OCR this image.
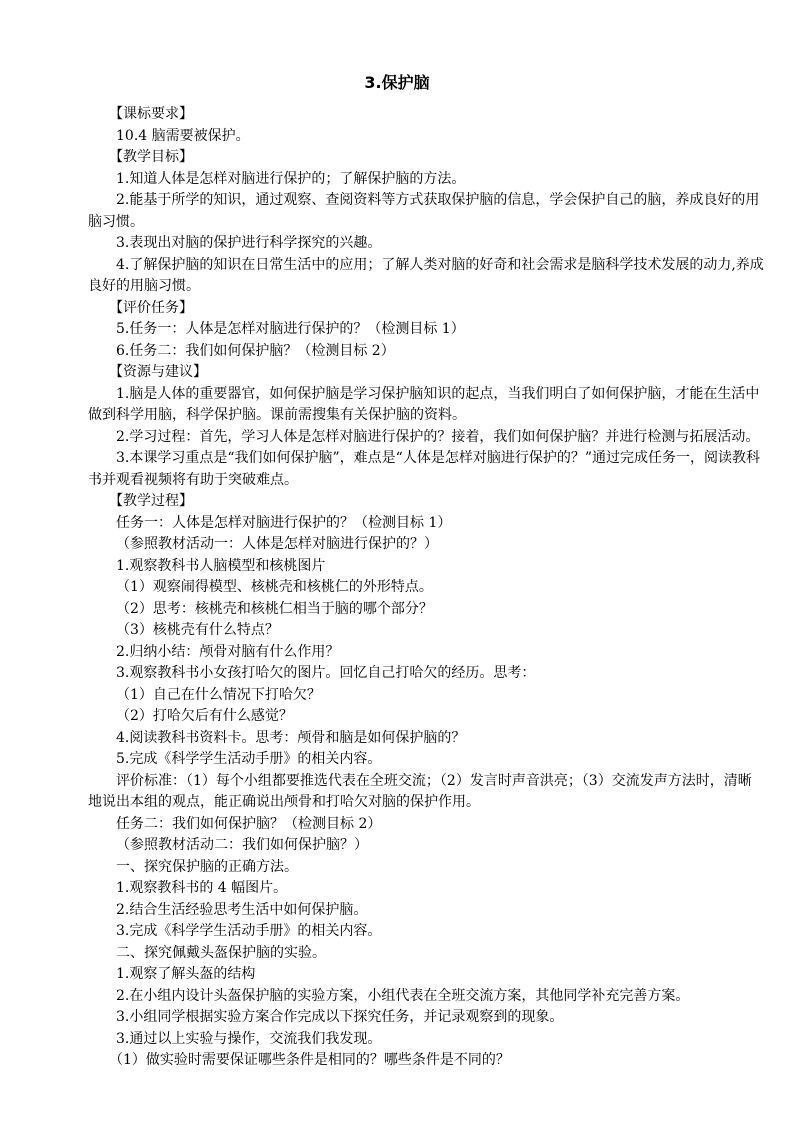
3.保护脑

【课标要求】

10.4 脑需要被保护。

【教学目标】

1.知道人体是怎样对脑进行保护的；了解保护脑的方法。

2.能基于所学的知识，通过观察、查阅资料等方式获取保护脑的信息，学会保护自己的脑，养成良好的用脑习惯。

3.表现出对脑的保护进行科学探究的兴趣。

4.了解保护脑的知识在日常生活中的应用；了解人类对脑的好奇和社会需求是脑科学技术发展的动力,养成良好的用脑习惯。

【评价任务】

5.任务一：人体是怎样对脑进行保护的？（检测目标 1）

6.任务二：我们如何保护脑？（检测目标 2）

【资源与建议】

1.脑是人体的重要器官，如何保护脑是学习保护脑知识的起点，当我们明白了如何保护脑，才能在生活中做到科学用脑，科学保护脑。课前需搜集有关保护脑的资料。

2.学习过程：首先，学习人体是怎样对脑进行保护的？接着，我们如何保护脑？并进行检测与拓展活动。

3.本课学习重点是“我们如何保护脑”，难点是“人体是怎样对脑进行保护的？”通过完成任务一，阅读教科书并观看视频将有助于突破难点。

【教学过程】

任务一：人体是怎样对脑进行保护的？（检测目标 1）

（参照教材活动一：人体是怎样对脑进行保护的？）

1.观察教科书人脑模型和核桃图片

（1）观察闹得模型、核桃壳和核桃仁的外形特点。

（2）思考：核桃壳和核桃仁相当于脑的哪个部分？

（3）核桃壳有什么特点？

2.归纳小结：颅骨对脑有什么作用？

3.观察教科书小女孩打哈欠的图片。回忆自己打哈欠的经历。思考：

（1）自己在什么情况下打哈欠？

（2）打哈欠后有什么感觉？

4.阅读教科书资料卡。思考：颅骨和脑是如何保护脑的？

5.完成《科学学生活动手册》的相关内容。

评价标准：（1）每个小组都要推选代表在全班交流；（2）发言时声音洪亮；（3）交流发声方法时，清晰地说出本组的观点，能正确说出颅骨和打哈欠对脑的保护作用。

任务二：我们如何保护脑？（检测目标 2）

（参照教材活动二：我们如何保护脑？）

一、探究保护脑的正确方法。

1.观察教科书的 4 幅图片。

2.结合生活经验思考生活中如何保护脑。

3.完成《科学学生活动手册》的相关内容。

二、探究佩戴头盔保护脑的实验。

1.观察了解头盔的结构

2.在小组内设计头盔保护脑的实验方案，小组代表在全班交流方案，其他同学补充完善方案。

3.小组同学根据实验方案合作完成以下探究任务，并记录观察到的现象。

3.通过以上实验与操作，交流我们我发现。

（1）做实验时需要保证哪些条件是相同的？哪些条件是不同的？
